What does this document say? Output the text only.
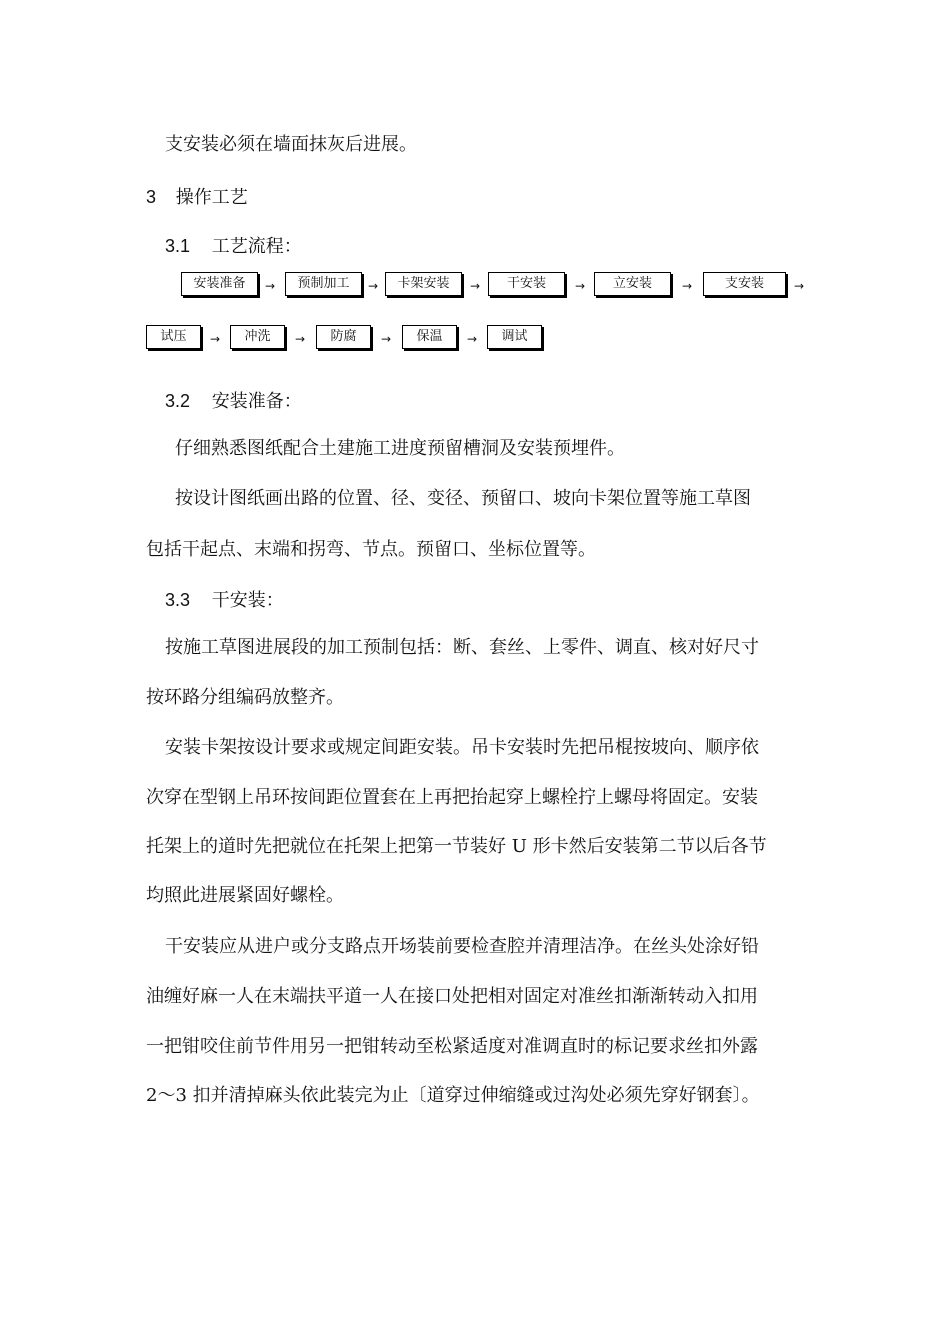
支安装必须在墙面抹灰后进展。
3 操作工艺
3.1 工艺流程：
安装准备	→	预制加工	→	卡架安装	→	干安装	→	立安装	→	支安装	→
试压	→	冲洗	→	防腐	→	保温	→	调试
3.2 安装准备：
仔细熟悉图纸配合土建施工进度预留槽洞及安装预埋件。
按设计图纸画出路的位置、径、变径、预留口、坡向卡架位置等施工草图
包括干起点、末端和拐弯、节点。预留口、坐标位置等。
3.3 干安装：
按施工草图进展段的加工预制包括：断、套丝、上零件、调直、核对好尺寸
按环路分组编码放整齐。
安装卡架按设计要求或规定间距安装。吊卡安装时先把吊棍按坡向、顺序依
次穿在型钢上吊环按间距位置套在上再把抬起穿上螺栓拧上螺母将固定。安装
托架上的道时先把就位在托架上把第一节装好 U 形卡然后安装第二节以后各节
均照此进展紧固好螺栓。
干安装应从进户或分支路点开场装前要检查腔并清理洁净。在丝头处涂好铅
油缠好麻一人在末端扶平道一人在接口处把相对固定对准丝扣渐渐转动入扣用
一把钳咬住前节件用另一把钳转动至松紧适度对准调直时的标记要求丝扣外露
2～3 扣并清掉麻头依此装完为止〔道穿过伸缩缝或过沟处必须先穿好钢套〕。
